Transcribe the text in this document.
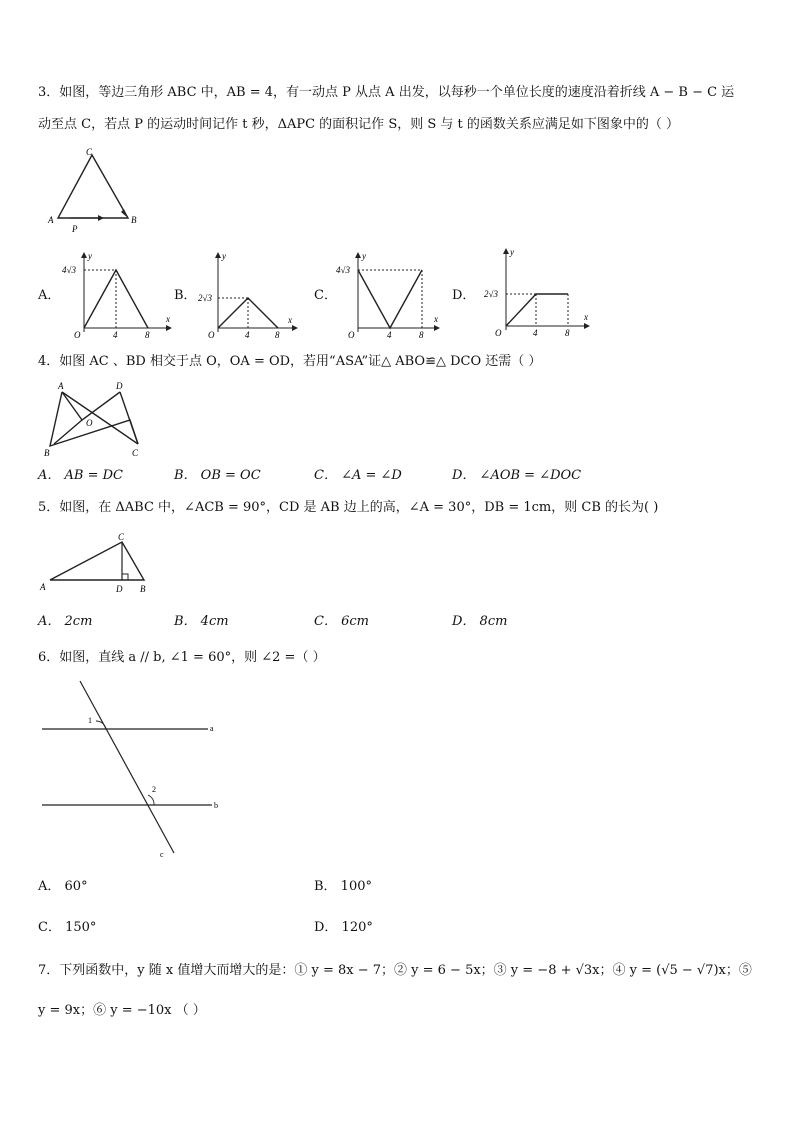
3．如图，等边三角形 ABC 中，AB = 4，有一动点 P 从点 A 出发，以每秒一个单位长度的速度沿着折线 A − B − C 运
动至点 C，若点 P 的运动时间记作 t 秒，ΔAPC 的面积记作 S，则 S 与 t 的函数关系应满足如下图象中的（ ）
C
A	B
P
A．
4√3
y
x
O	4	8
B． 2√3
y
x
O	4	8
C．
4√3
y
x
O	4	8
D． 2√3
y
x
O	4	8
4．如图 AC 、BD 相交于点 O，OA = OD，若用“ASA”证△ ABO≌△ DCO 还需（ ）
A	D
O
B	C
A． AB = DC	B． OB = OC	C． ∠A = ∠D	D． ∠AOB = ∠DOC
5．如图，在 ΔABC 中，∠ACB = 90°，CD 是 AB 边上的高，∠A = 30°，DB = 1cm，则 CB 的长为( )
C
A	D B
A． 2cm	B． 4cm	C． 6cm	D． 8cm
6．如图，直线 a // b, ∠1 = 60°，则 ∠2 =（ ）
1
2
a
b
c
A． 60°	B． 100°
C． 150°	D． 120°
7．下列函数中，y 随 x 值增大而增大的是：① y = 8x − 7；② y = 6 − 5x；③ y = −8 + √3x；④ y = (√5 − √7)x；⑤
y = 9x；⑥ y = −10x （ ）
